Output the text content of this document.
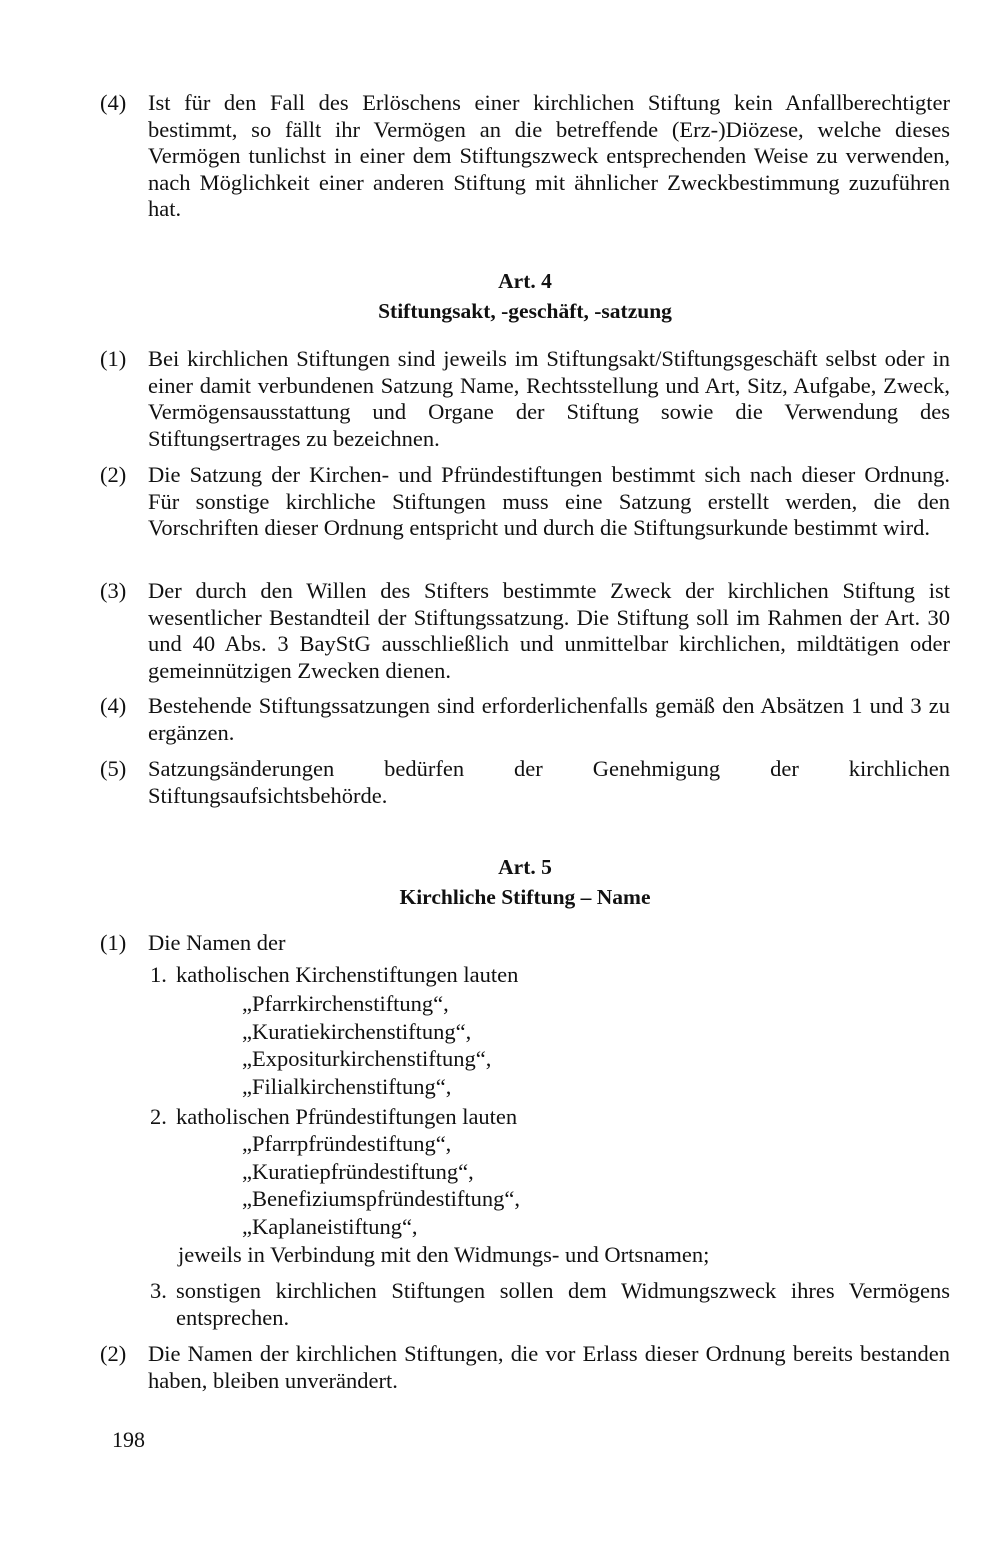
(4) Ist für den Fall des Erlöschens einer kirchlichen Stiftung kein Anfallberechtigter bestimmt, so fällt ihr Vermögen an die betreffende (Erz-)Diözese, welche dieses Vermögen tunlichst in einer dem Stiftungszweck entsprechenden Weise zu verwenden, nach Möglichkeit einer anderen Stiftung mit ähnlicher Zweckbestimmung zuzuführen hat.
Art. 4
Stiftungsakt, -geschäft, -satzung
(1) Bei kirchlichen Stiftungen sind jeweils im Stiftungsakt/Stiftungsgeschäft selbst oder in einer damit verbundenen Satzung Name, Rechtsstellung und Art, Sitz, Aufgabe, Zweck, Vermögensausstattung und Organe der Stiftung sowie die Verwendung des Stiftungsertrages zu bezeichnen.
(2) Die Satzung der Kirchen- und Pfründestiftungen bestimmt sich nach dieser Ordnung. Für sonstige kirchliche Stiftungen muss eine Satzung erstellt werden, die den Vorschriften dieser Ordnung entspricht und durch die Stiftungsurkunde bestimmt wird.
(3) Der durch den Willen des Stifters bestimmte Zweck der kirchlichen Stiftung ist wesentlicher Bestandteil der Stiftungssatzung. Die Stiftung soll im Rahmen der Art. 30 und 40 Abs. 3 BayStG ausschließlich und unmittelbar kirchlichen, mildtätigen oder gemeinnützigen Zwecken dienen.
(4) Bestehende Stiftungssatzungen sind erforderlichenfalls gemäß den Absätzen 1 und 3 zu ergänzen.
(5) Satzungsänderungen bedürfen der Genehmigung der kirchlichen Stiftungsaufsichtsbehörde.
Art. 5
Kirchliche Stiftung – Name
(1) Die Namen der
1. katholischen Kirchenstiftungen lauten
„Pfarrkirchenstiftung“,
„Kuratiekirchenstiftung“,
„Expositurkirchenstiftung“,
„Filialkirchenstiftung“,
2. katholischen Pfründestiftungen lauten
„Pfarrpfründestiftung“,
„Kuratiepfründestiftung“,
„Benefiziumspfründestiftung“,
„Kaplaneistiftung“,
jeweils in Verbindung mit den Widmungs- und Ortsnamen;
3. sonstigen kirchlichen Stiftungen sollen dem Widmungszweck ihres Vermögens entsprechen.
(2) Die Namen der kirchlichen Stiftungen, die vor Erlass dieser Ordnung bereits bestanden haben, bleiben unverändert.
198
